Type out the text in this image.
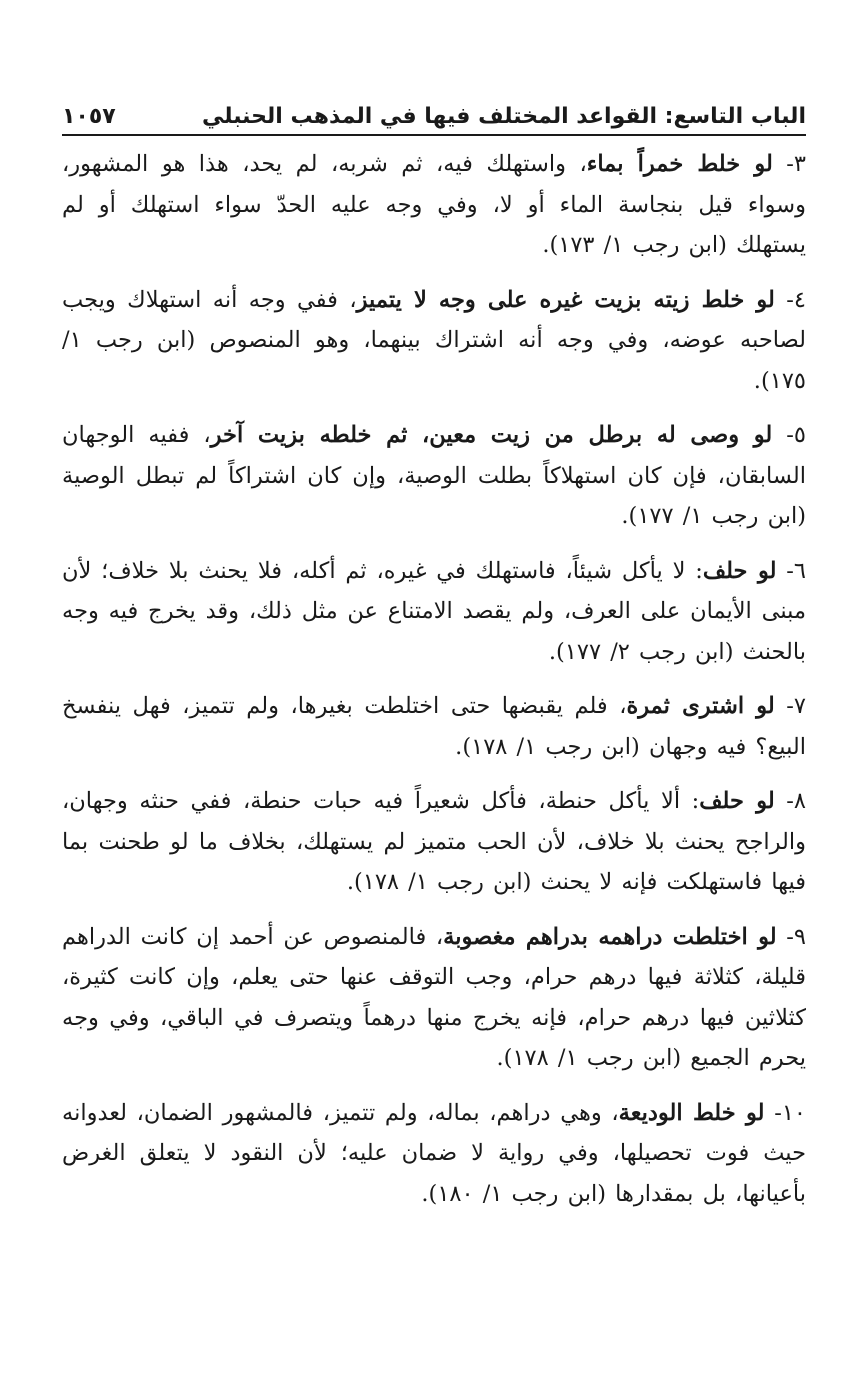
الباب التاسع: القواعد المختلف فيها في المذهب الحنبلي
١٠٥٧

٣- لو خلط خمراً بماء، واستهلك فيه، ثم شربه، لم يحد، هذا هو المشهور، وسواء قيل بنجاسة الماء أو لا، وفي وجه عليه الحدّ سواء استهلك أو لم يستهلك (ابن رجب ١/ ١٧٣).

٤- لو خلط زيته بزيت غيره على وجه لا يتميز، ففي وجه أنه استهلاك ويجب لصاحبه عوضه، وفي وجه أنه اشتراك بينهما، وهو المنصوص (ابن رجب ١/ ١٧٥).

٥- لو وصى له برطل من زيت معين، ثم خلطه بزيت آخر، ففيه الوجهان السابقان، فإن كان استهلاكاً بطلت الوصية، وإن كان اشتراكاً لم تبطل الوصية (ابن رجب ١/ ١٧٧).

٦- لو حلف: لا يأكل شيئاً، فاستهلك في غيره، ثم أكله، فلا يحنث بلا خلاف؛ لأن مبنى الأيمان على العرف، ولم يقصد الامتناع عن مثل ذلك، وقد يخرج فيه وجه بالحنث (ابن رجب ٢/ ١٧٧).

٧- لو اشترى ثمرة، فلم يقبضها حتى اختلطت بغيرها، ولم تتميز، فهل ينفسخ البيع؟ فيه وجهان (ابن رجب ١/ ١٧٨).

٨- لو حلف: ألا يأكل حنطة، فأكل شعيراً فيه حبات حنطة، ففي حنثه وجهان، والراجح يحنث بلا خلاف، لأن الحب متميز لم يستهلك، بخلاف ما لو طحنت بما فيها فاستهلكت فإنه لا يحنث (ابن رجب ١/ ١٧٨).

٩- لو اختلطت دراهمه بدراهم مغصوبة، فالمنصوص عن أحمد إن كانت الدراهم قليلة، كثلاثة فيها درهم حرام، وجب التوقف عنها حتى يعلم، وإن كانت كثيرة، كثلاثين فيها درهم حرام، فإنه يخرج منها درهماً ويتصرف في الباقي، وفي وجه يحرم الجميع (ابن رجب ١/ ١٧٨).

١٠- لو خلط الوديعة، وهي دراهم، بماله، ولم تتميز، فالمشهور الضمان، لعدوانه حيث فوت تحصيلها، وفي رواية لا ضمان عليه؛ لأن النقود لا يتعلق الغرض بأعيانها، بل بمقدارها (ابن رجب ١/ ١٨٠).
